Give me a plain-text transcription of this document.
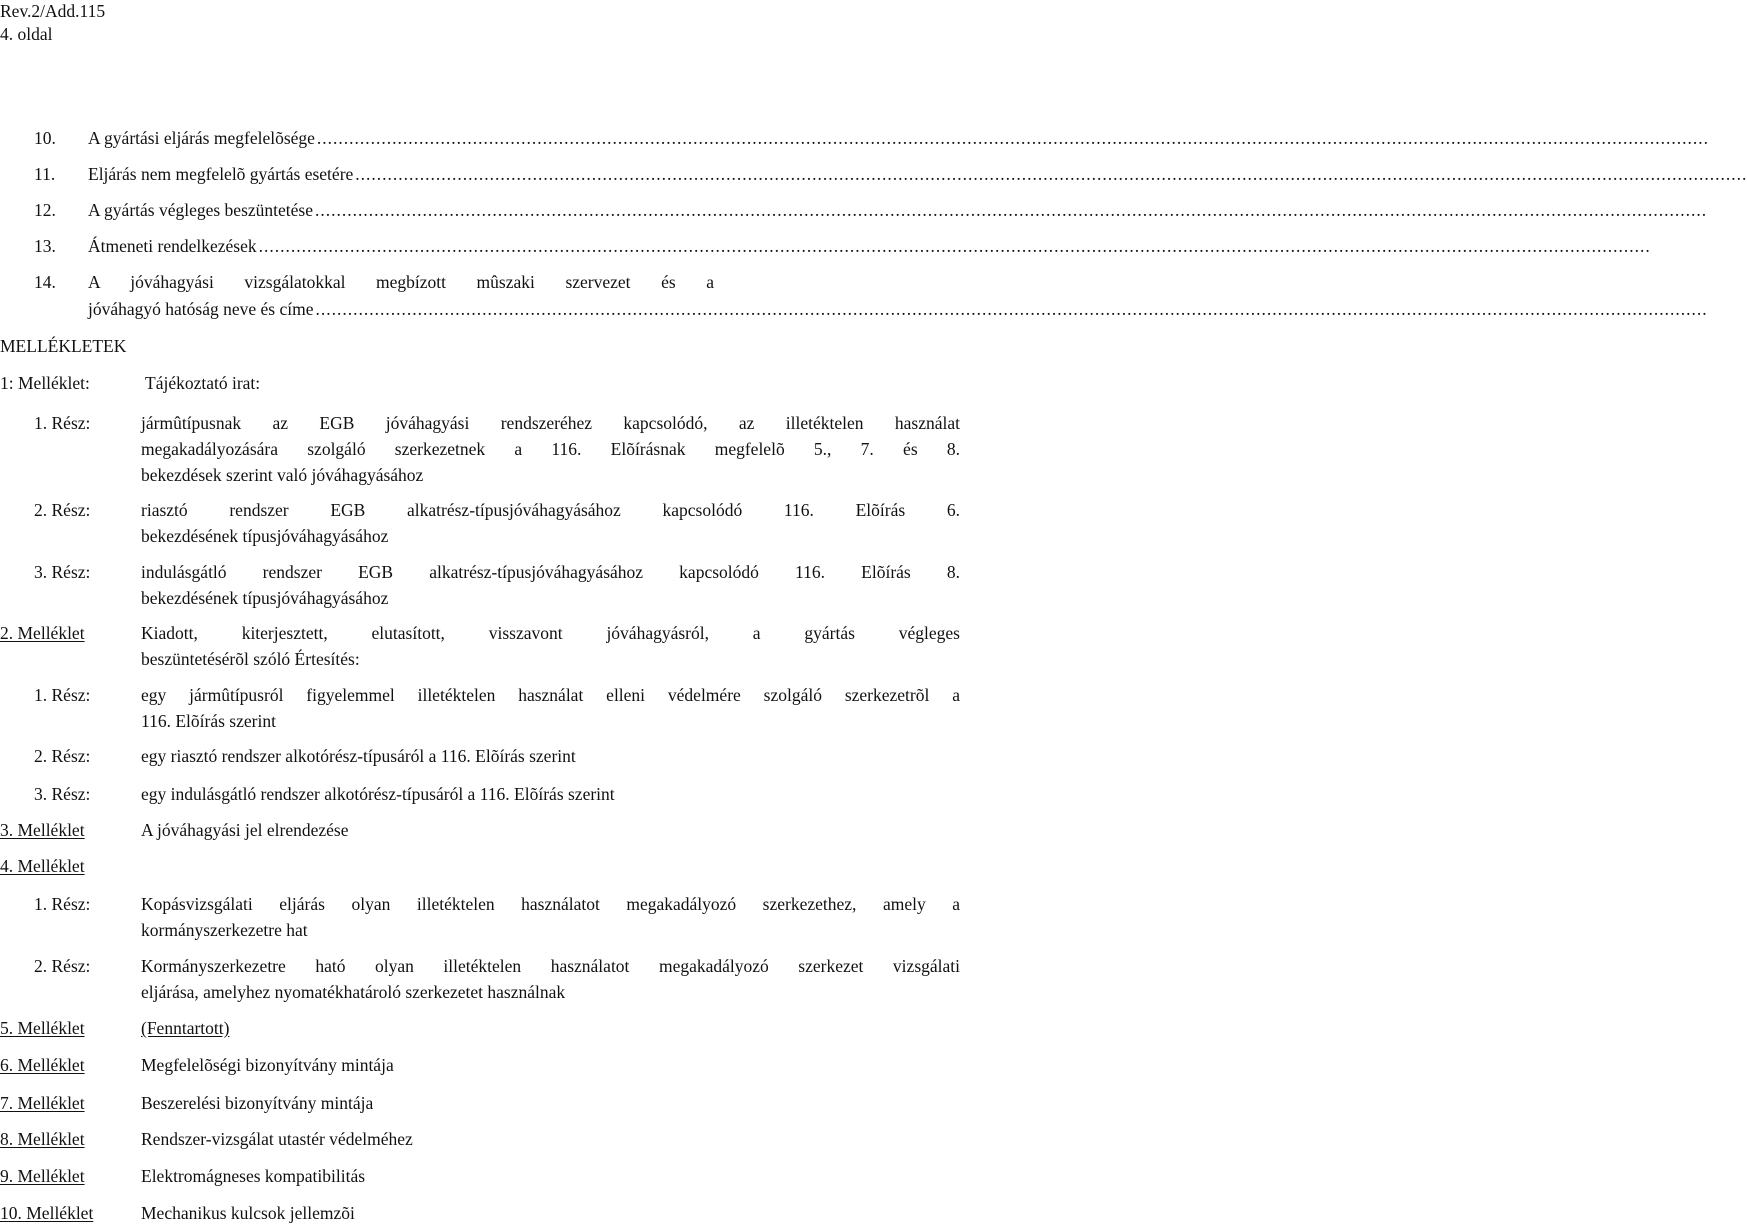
Rev.2/Add.115
4. oldal
10. A gyártási eljárás megfelelõsége ...................................................................................................................................................................................................................................................................
11. Eljárás nem megfelelõ gyártás esetére ...................................................................................................................................................................................................................................................................
12. A gyártás végleges beszüntetése ...................................................................................................................................................................................................................................................................
13. Átmeneti rendelkezések ...................................................................................................................................................................................................................................................................
14. A jóváhagyási vizsgálatokkal megbízott mûszaki szervezet és a
jóváhagyó hatóság neve és címe ...................................................................................................................................................................................................................................................................
MELLÉKLETEK
1: Melléklet:	Tájékoztató irat:
1. Rész:	jármûtípusnak az EGB jóváhagyási rendszeréhez kapcsolódó, az illetéktelen használat
megakadályozására szolgáló szerkezetnek a 116. Elõírásnak megfelelõ 5., 7. és 8.
bekezdések szerint való jóváhagyásához
2. Rész:	riasztó rendszer EGB alkatrész-típusjóváhagyásához kapcsolódó 116. Elõírás 6.
bekezdésének típusjóváhagyásához
3. Rész:	indulásgátló rendszer EGB alkatrész-típusjóváhagyásához kapcsolódó 116. Elõírás 8.
bekezdésének típusjóváhagyásához
2. Melléklet	Kiadott, kiterjesztett, elutasított, visszavont jóváhagyásról, a gyártás végleges
beszüntetésérõl szóló Értesítés:
1. Rész:	egy jármûtípusról figyelemmel illetéktelen használat elleni védelmére szolgáló szerkezetrõl a
116. Elõírás szerint
2. Rész:	egy riasztó rendszer alkotórész-típusáról a 116. Elõírás szerint
3. Rész:	egy indulásgátló rendszer alkotórész-típusáról a 116. Elõírás szerint
3. Melléklet	A jóváhagyási jel elrendezése
4. Melléklet
1. Rész:	Kopásvizsgálati eljárás olyan illetéktelen használatot megakadályozó szerkezethez, amely a
kormányszerkezetre hat
2. Rész:	Kormányszerkezetre ható olyan illetéktelen használatot megakadályozó szerkezet vizsgálati
eljárása, amelyhez nyomatékhatároló szerkezetet használnak
5. Melléklet	(Fenntartott)
6. Melléklet	Megfelelõségi bizonyítvány mintája
7. Melléklet	Beszerelési bizonyítvány mintája
8. Melléklet	Rendszer-vizsgálat utastér védelméhez
9. Melléklet	Elektromágneses kompatibilitás
10. Melléklet	Mechanikus kulcsok jellemzõi
